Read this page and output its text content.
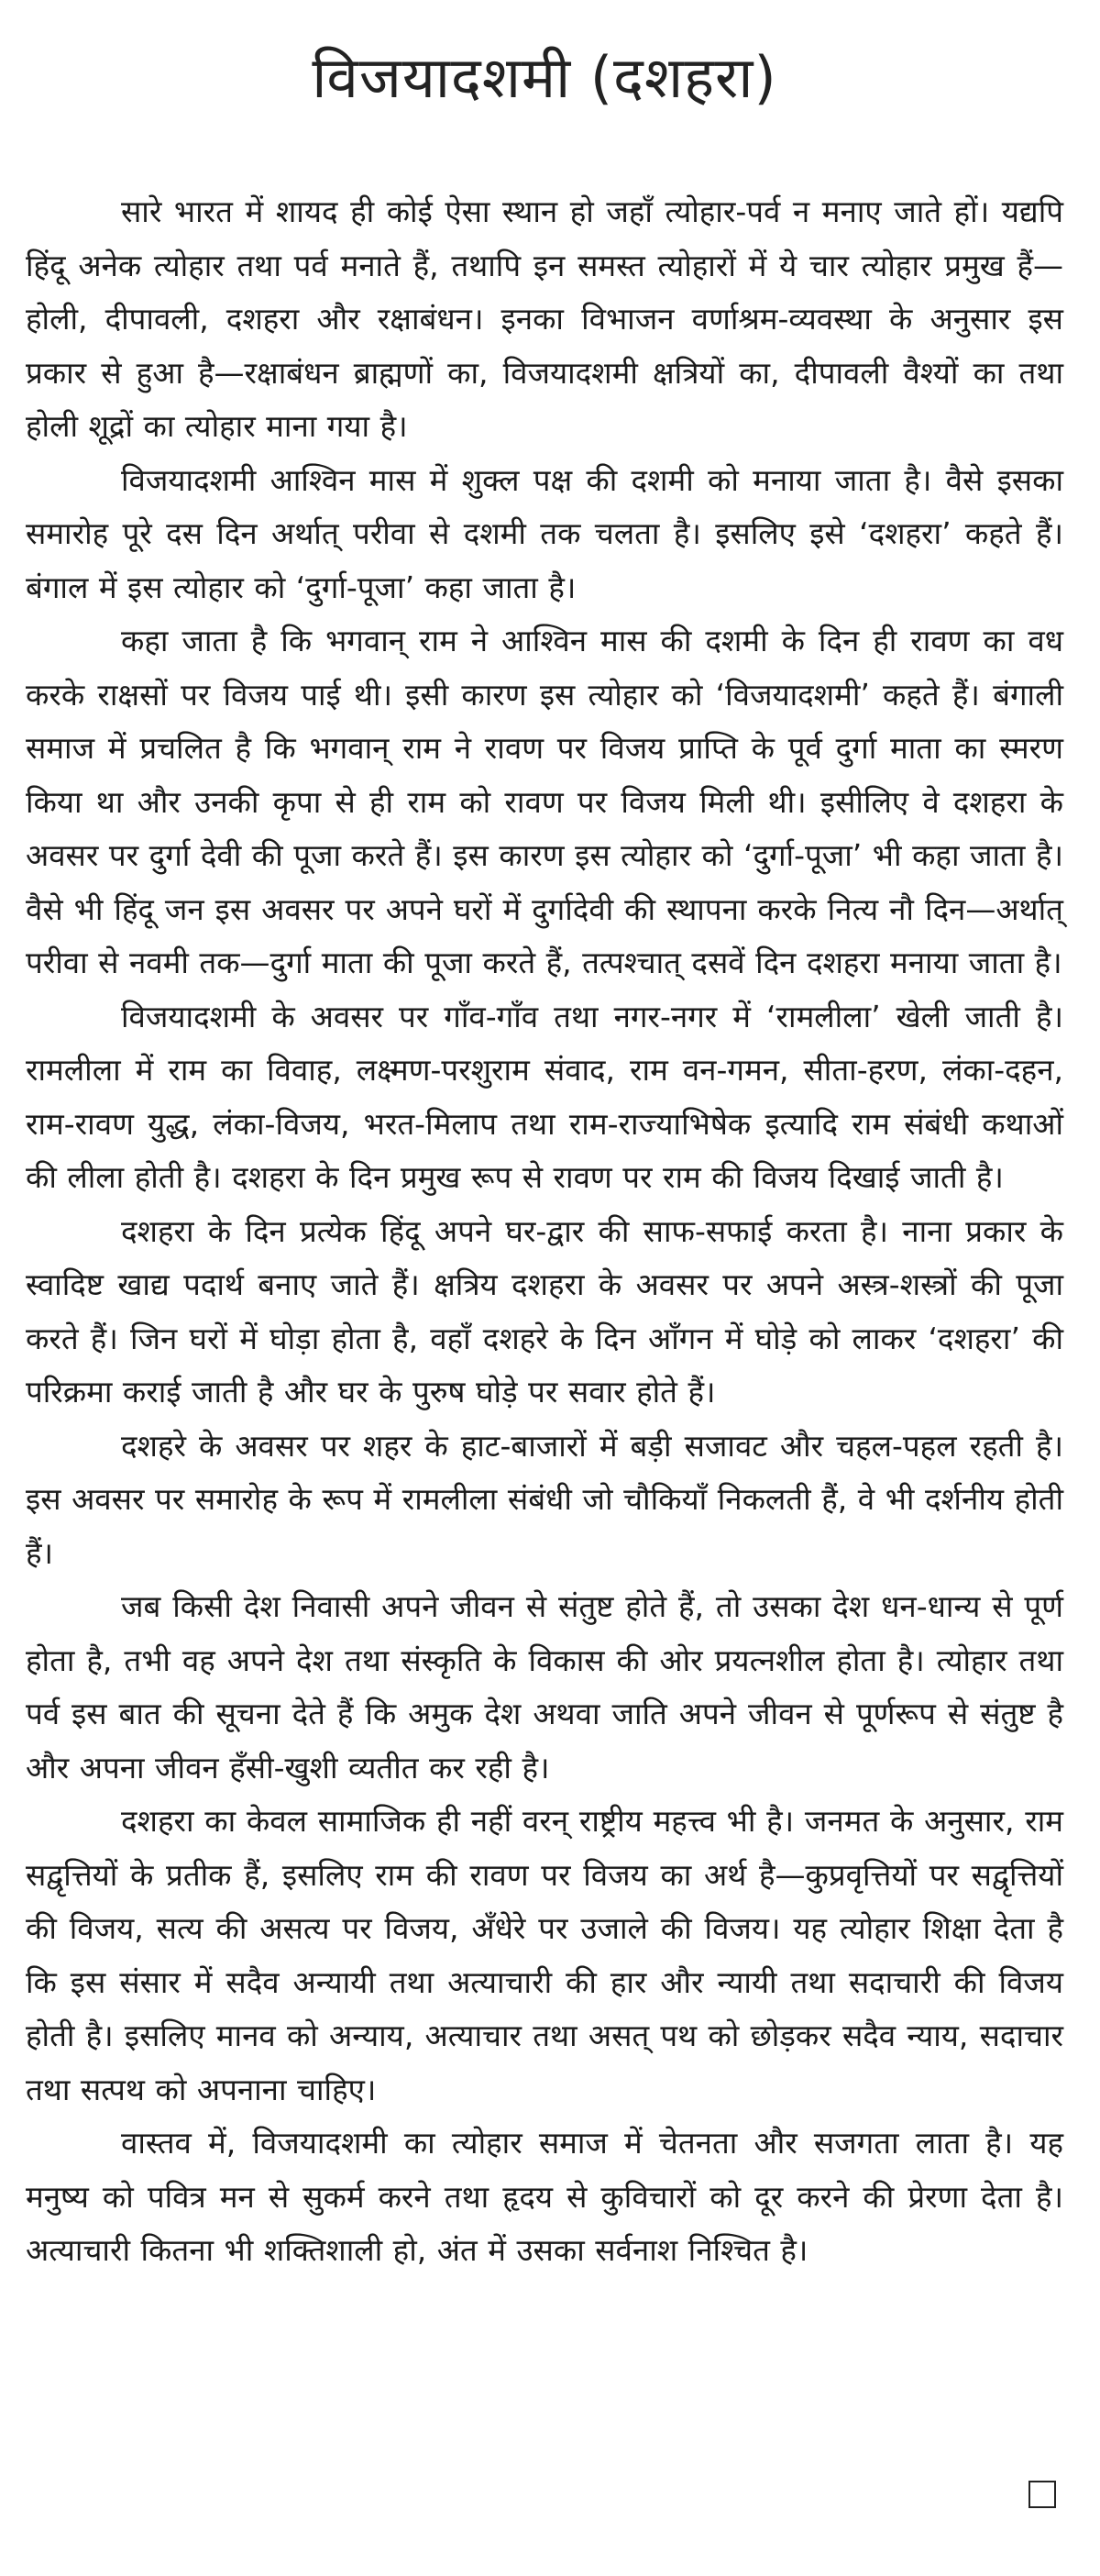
विजयादशमी (दशहरा)

सारे भारत में शायद ही कोई ऐसा स्थान हो जहाँ त्योहार-पर्व न मनाए जाते हों। यद्यपि हिंदू अनेक त्योहार तथा पर्व मनाते हैं, तथापि इन समस्त त्योहारों में ये चार त्योहार प्रमुख हैं—होली, दीपावली, दशहरा और रक्षाबंधन। इनका विभाजन वर्णाश्रम-व्यवस्था के अनुसार इस प्रकार से हुआ है—रक्षाबंधन ब्राह्मणों का, विजयादशमी क्षत्रियों का, दीपावली वैश्यों का तथा होली शूद्रों का त्योहार माना गया है।

विजयादशमी आश्विन मास में शुक्ल पक्ष की दशमी को मनाया जाता है। वैसे इसका समारोह पूरे दस दिन अर्थात् परीवा से दशमी तक चलता है। इसलिए इसे ‘दशहरा’ कहते हैं। बंगाल में इस त्योहार को ‘दुर्गा-पूजा’ कहा जाता है।

कहा जाता है कि भगवान् राम ने आश्विन मास की दशमी के दिन ही रावण का वध करके राक्षसों पर विजय पाई थी। इसी कारण इस त्योहार को ‘विजयादशमी’ कहते हैं। बंगाली समाज में प्रचलित है कि भगवान् राम ने रावण पर विजय प्राप्ति के पूर्व दुर्गा माता का स्मरण किया था और उनकी कृपा से ही राम को रावण पर विजय मिली थी। इसीलिए वे दशहरा के अवसर पर दुर्गा देवी की पूजा करते हैं। इस कारण इस त्योहार को ‘दुर्गा-पूजा’ भी कहा जाता है। वैसे भी हिंदू जन इस अवसर पर अपने घरों में दुर्गादेवी की स्थापना करके नित्य नौ दिन—अर्थात् परीवा से नवमी तक—दुर्गा माता की पूजा करते हैं, तत्पश्चात् दसवें दिन दशहरा मनाया जाता है।

विजयादशमी के अवसर पर गाँव-गाँव तथा नगर-नगर में ‘रामलीला’ खेली जाती है। रामलीला में राम का विवाह, लक्ष्मण-परशुराम संवाद, राम वन-गमन, सीता-हरण, लंका-दहन, राम-रावण युद्ध, लंका-विजय, भरत-मिलाप तथा राम-राज्याभिषेक इत्यादि राम संबंधी कथाओं की लीला होती है। दशहरा के दिन प्रमुख रूप से रावण पर राम की विजय दिखाई जाती है।

दशहरा के दिन प्रत्येक हिंदू अपने घर-द्वार की साफ-सफाई करता है। नाना प्रकार के स्वादिष्ट खाद्य पदार्थ बनाए जाते हैं। क्षत्रिय दशहरा के अवसर पर अपने अस्त्र-शस्त्रों की पूजा करते हैं। जिन घरों में घोड़ा होता है, वहाँ दशहरे के दिन आँगन में घोड़े को लाकर ‘दशहरा’ की परिक्रमा कराई जाती है और घर के पुरुष घोड़े पर सवार होते हैं।

दशहरे के अवसर पर शहर के हाट-बाजारों में बड़ी सजावट और चहल-पहल रहती है। इस अवसर पर समारोह के रूप में रामलीला संबंधी जो चौकियाँ निकलती हैं, वे भी दर्शनीय होती हैं।

जब किसी देश निवासी अपने जीवन से संतुष्ट होते हैं, तो उसका देश धन-धान्य से पूर्ण होता है, तभी वह अपने देश तथा संस्कृति के विकास की ओर प्रयत्नशील होता है। त्योहार तथा पर्व इस बात की सूचना देते हैं कि अमुक देश अथवा जाति अपने जीवन से पूर्णरूप से संतुष्ट है और अपना जीवन हँसी-खुशी व्यतीत कर रही है।

दशहरा का केवल सामाजिक ही नहीं वरन् राष्ट्रीय महत्त्व भी है। जनमत के अनुसार, राम सद्वृत्तियों के प्रतीक हैं, इसलिए राम की रावण पर विजय का अर्थ है—कुप्रवृत्तियों पर सद्वृत्तियों की विजय, सत्य की असत्य पर विजय, अँधेरे पर उजाले की विजय। यह त्योहार शिक्षा देता है कि इस संसार में सदैव अन्यायी तथा अत्याचारी की हार और न्यायी तथा सदाचारी की विजय होती है। इसलिए मानव को अन्याय, अत्याचार तथा असत् पथ को छोड़कर सदैव न्याय, सदाचार तथा सत्पथ को अपनाना चाहिए।

वास्तव में, विजयादशमी का त्योहार समाज में चेतनता और सजगता लाता है। यह मनुष्य को पवित्र मन से सुकर्म करने तथा हृदय से कुविचारों को दूर करने की प्रेरणा देता है। अत्याचारी कितना भी शक्तिशाली हो, अंत में उसका सर्वनाश निश्चित है।
